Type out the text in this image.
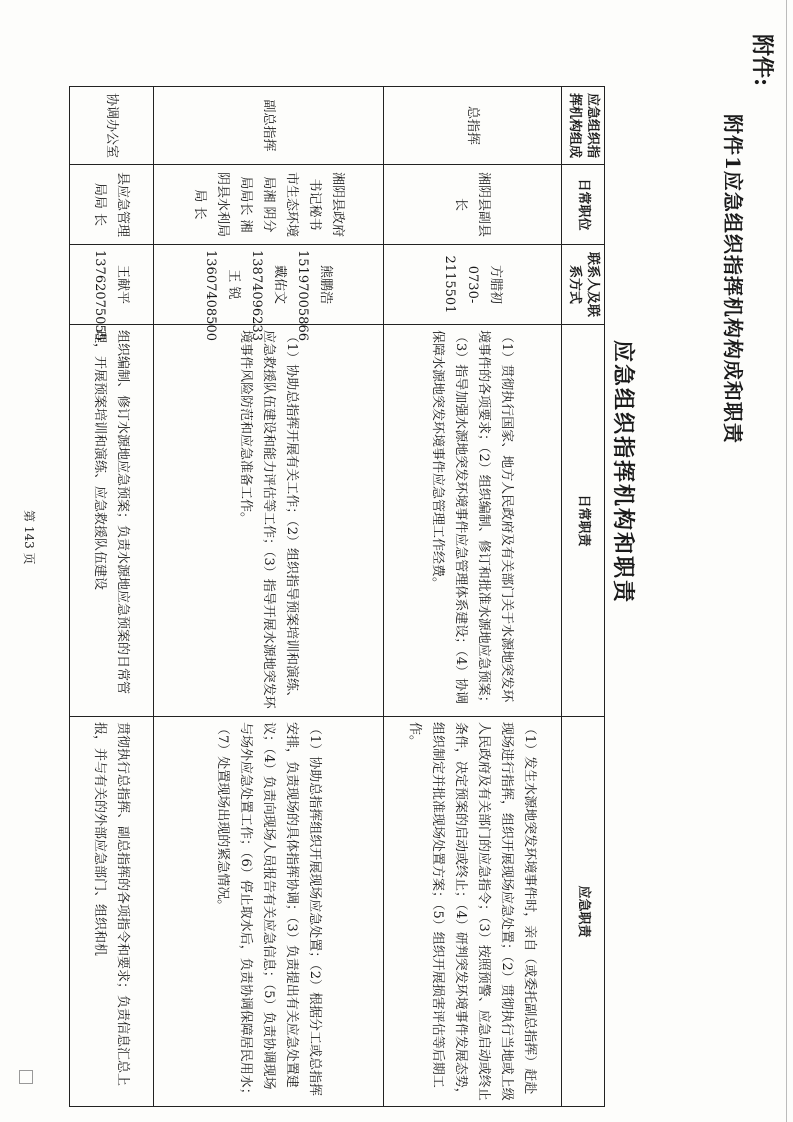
附件:
附件1应急组织指挥机构构成和职责
应急组织指挥机构和职责
应急组织指挥机构组成	日常职位	联系人及联系方式	日常职责	应急职责
总指挥	湘阴县副县长	方腊初 0730-2115501	（1）贯彻执行国家、地方人民政府及有关部门关于水源地突发环境事件的各项要求；（2）组织编制、修订和批准水源地应急预案；（3）指导加强水源地突发环境事件应急管理体系建设；（4）协调保障水源地突发环境事件应急管理工作经费。	（1）发生水源地突发环境事件时，亲自（或委托副总指挥）赶赴现场进行指挥，组织开展现场应急处置；（2）贯彻执行当地或上级人民政府及有关部门的应急指令；（3）按照预警、应急启动或终止条件，决定预案的启动或终止；（4）研判突发环境事件发展态势，组织制定并批准现场处置方案；（5）组织开展损害评估等后期工作。
副总指挥	湘阴县政府 书记秘书 市生态环境局湘 阴分局局长 湘阴县水利局局 长	熊鹏浩 15197005866 戴佑文 13874096233 王 锐 13607408500	（1）协助总指挥开展有关工作；（2）组织指导预案培训和演练、应急救援队伍建设和能力评估等工作；（3）指导开展水源地突发环境事件风险防范和应急准备工作。	（1）协助总指挥组织开展现场应急处置；（2）根据分工或总指挥安排，负责现场的具体指挥协调；（3）负责提出有关应急处置建议；（4）负责向现场人员报告有关应急信息；（5）负责协调现场与场外应急处置工作；（6）停止取水后，负责协调保障居民用水；（7）处置现场出现的紧急情况。
协调办公室	县应急管理局局 长	王献平 13762075055	组织编制、修订水源地应急预案；负责水源地应急预案的日常管理，开展预案培训和演练、应急救援队伍建设	贯彻执行总指挥、副总指挥的各项指令和要求；负责信息汇总上报，并与有关的外部应急部门、组织和机
第 143 页
